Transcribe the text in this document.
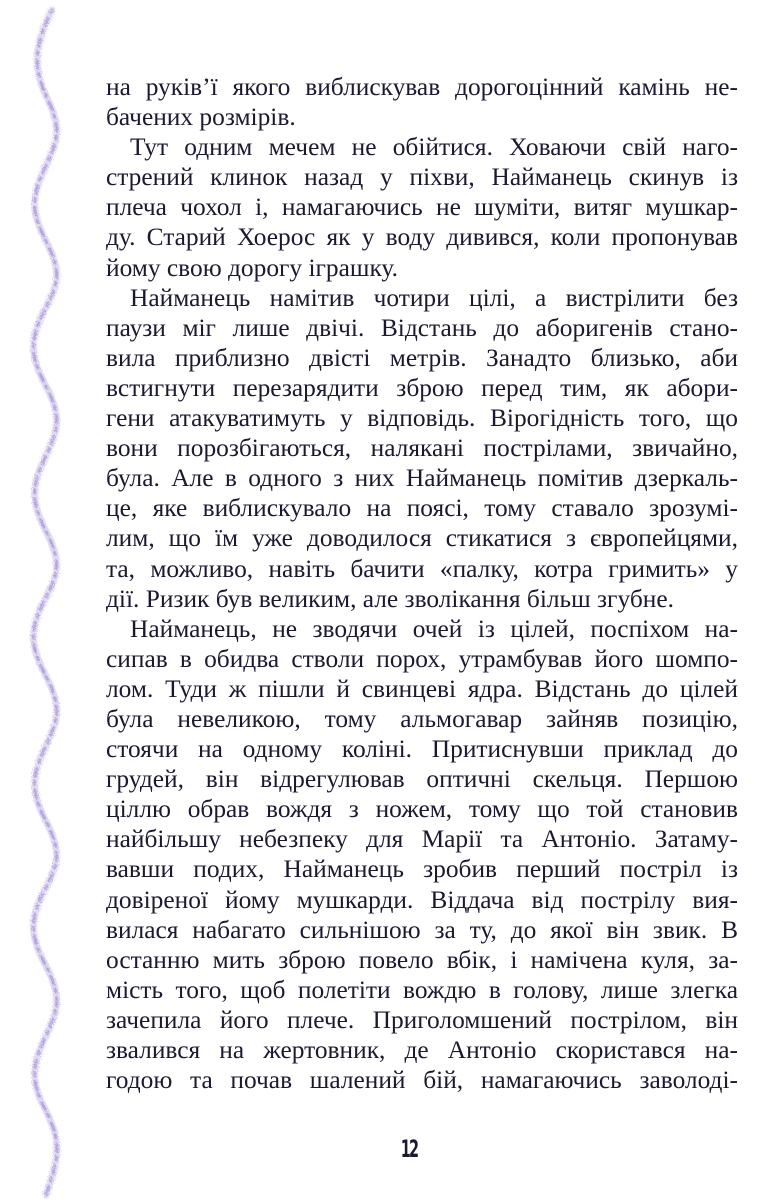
на руків’ї якого виблискував дорогоцінний камінь не-
бачених розмірів.
Тут одним мечем не обійтися. Ховаючи свій наго-
стрений клинок назад у піхви, Найманець скинув із
плеча чохол і, намагаючись не шуміти, витяг мушкар-
ду. Старий Хоерос як у воду дивився, коли пропонував
йому свою дорогу іграшку.
Найманець намітив чотири цілі, а вистрілити без
паузи міг лише двічі. Відстань до аборигенів стано-
вила приблизно двісті метрів. Занадто близько, аби
встигнути перезарядити зброю перед тим, як абори-
гени атакуватимуть у відповідь. Вірогідність того, що
вони порозбігаються, налякані пострілами, звичайно,
була. Але в одного з них Найманець помітив дзеркаль-
це, яке виблискувало на поясі, тому ставало зрозумі-
лим, що їм уже доводилося стикатися з європейцями,
та, можливо, навіть бачити «палку, котра гримить» у
дії. Ризик був великим, але зволікання більш згубне.
Найманець, не зводячи очей із цілей, поспіхом на-
сипав в обидва стволи порох, утрамбував його шомпо-
лом. Туди ж пішли й свинцеві ядра. Відстань до цілей
була невеликою, тому альмогавар зайняв позицію,
стоячи на одному коліні. Притиснувши приклад до
грудей, він відрегулював оптичні скельця. Першою
ціллю обрав вождя з ножем, тому що той становив
найбільшу небезпеку для Марії та Антоніо. Затаму-
вавши подих, Найманець зробив перший постріл із
довіреної йому мушкарди. Віддача від пострілу вия-
вилася набагато сильнішою за ту, до якої він звик. В
останню мить зброю повело вбік, і намічена куля, за-
мість того, щоб полетіти вождю в голову, лише злегка
зачепила його плече. Приголомшений пострілом, він
звалився на жертовник, де Антоніо скористався на-
годою та почав шалений бій, намагаючись заволоді-
12
